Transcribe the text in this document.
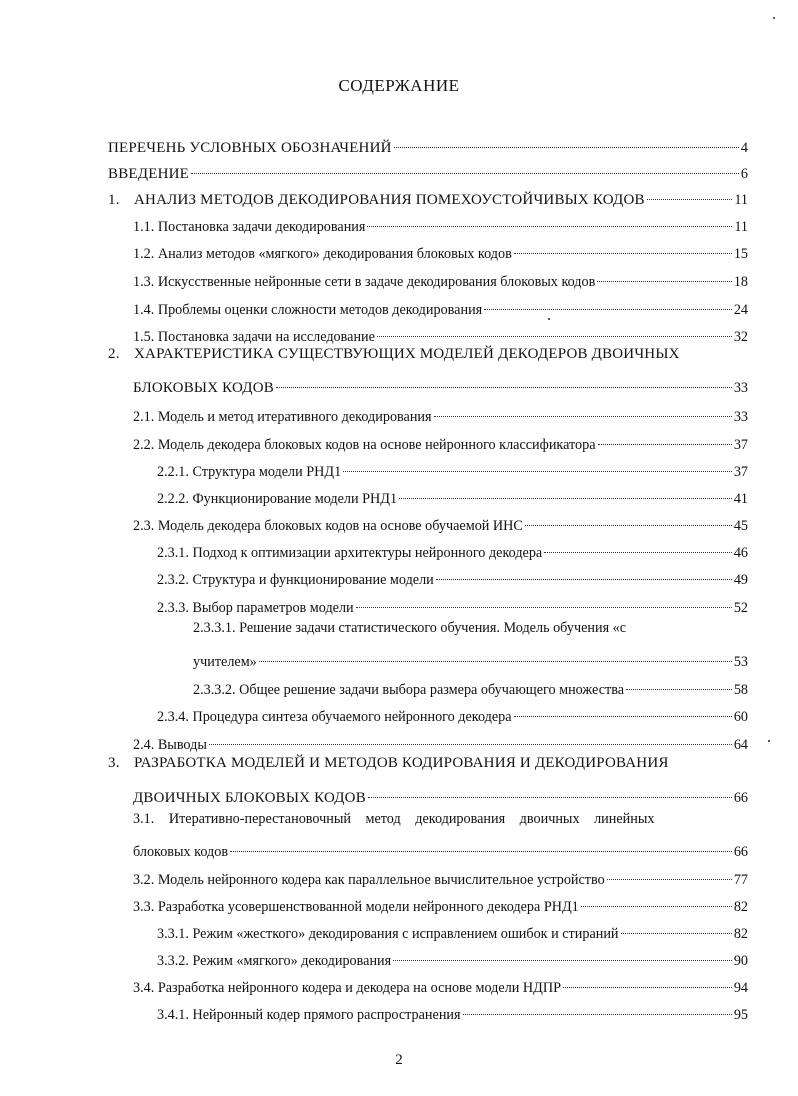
СОДЕРЖАНИЕ
ПЕРЕЧЕНЬ УСЛОВНЫХ ОБОЗНАЧЕНИЙ	4
ВВЕДЕНИЕ	6
1. АНАЛИЗ МЕТОДОВ ДЕКОДИРОВАНИЯ ПОМЕХОУСТОЙЧИВЫХ КОДОВ	11
1.1. Постановка задачи декодирования	11
1.2. Анализ методов «мягкого» декодирования блоковых кодов	15
1.3. Искусственные нейронные сети в задаче декодирования блоковых кодов	18
1.4. Проблемы оценки сложности методов декодирования	24
1.5. Постановка задачи на исследование	32
2. ХАРАКТЕРИСТИКА СУЩЕСТВУЮЩИХ МОДЕЛЕЙ ДЕКОДЕРОВ ДВОИЧНЫХ
БЛОКОВЫХ КОДОВ	33
2.1. Модель и метод итеративного декодирования	33
2.2. Модель декодера блоковых кодов на основе нейронного классификатора	37
2.2.1. Структура модели РНД1	37
2.2.2. Функционирование модели РНД1	41
2.3. Модель декодера блоковых кодов на основе обучаемой ИНС	45
2.3.1. Подход к оптимизации архитектуры нейронного декодера	46
2.3.2. Структура и функционирование модели	49
2.3.3. Выбор параметров модели	52
2.3.3.1. Решение задачи статистического обучения. Модель обучения «с
учителем»	53
2.3.3.2. Общее решение задачи выбора размера обучающего множества	58
2.3.4. Процедура синтеза обучаемого нейронного декодера	60
2.4. Выводы	64
3. РАЗРАБОТКА МОДЕЛЕЙ И МЕТОДОВ КОДИРОВАНИЯ И ДЕКОДИРОВАНИЯ
ДВОИЧНЫХ БЛОКОВЫХ КОДОВ	66
3.1. Итеративно-перестановочный метод декодирования двоичных линейных
блоковых кодов	66
3.2. Модель нейронного кодера как параллельное вычислительное устройство	77
3.3. Разработка усовершенствованной модели нейронного декодера РНД1	82
3.3.1. Режим «жесткого» декодирования с исправлением ошибок и стираний	82
3.3.2. Режим «мягкого» декодирования	90
3.4. Разработка нейронного кодера и декодера на основе модели НДПР	94
3.4.1. Нейронный кодер прямого распространения	95
2
